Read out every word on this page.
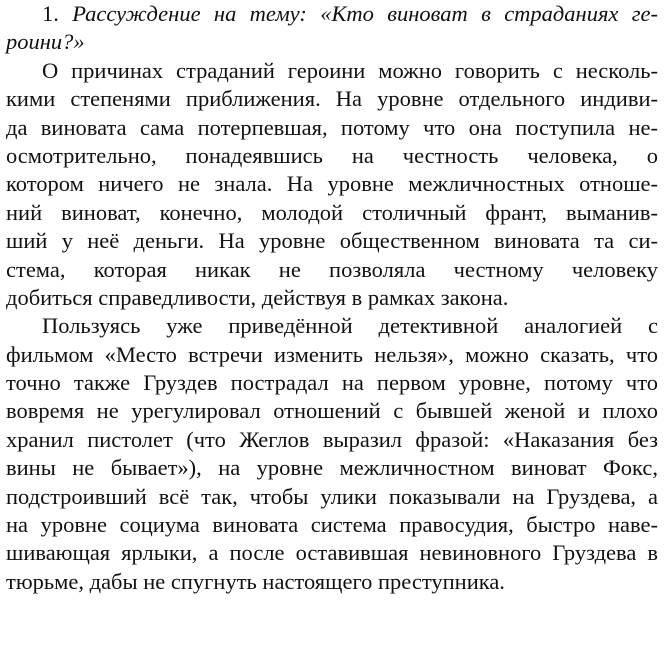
1. Рассуждение на тему: «Кто виноват в страданиях ге-
роини?»
О причинах страданий героини можно говорить с несколь-
кими степенями приближения. На уровне отдельного индиви-
да виновата сама потерпевшая, потому что она поступила не-
осмотрительно, понадеявшись на честность человека, о
котором ничего не знала. На уровне межличностных отноше-
ний виноват, конечно, молодой столичный франт, выманив-
ший у неё деньги. На уровне общественном виновата та си-
стема, которая никак не позволяла честному человеку
добиться справедливости, действуя в рамках закона.
Пользуясь уже приведённой детективной аналогией с
фильмом «Место встречи изменить нельзя», можно сказать, что
точно также Груздев пострадал на первом уровне, потому что
вовремя не урегулировал отношений с бывшей женой и плохо
хранил пистолет (что Жеглов выразил фразой: «Наказания без
вины не бывает»), на уровне межличностном виноват Фокс,
подстроивший всё так, чтобы улики показывали на Груздева, а
на уровне социума виновата система правосудия, быстро наве-
шивающая ярлыки, а после оставившая невиновного Груздева в
тюрьме, дабы не спугнуть настоящего преступника.
